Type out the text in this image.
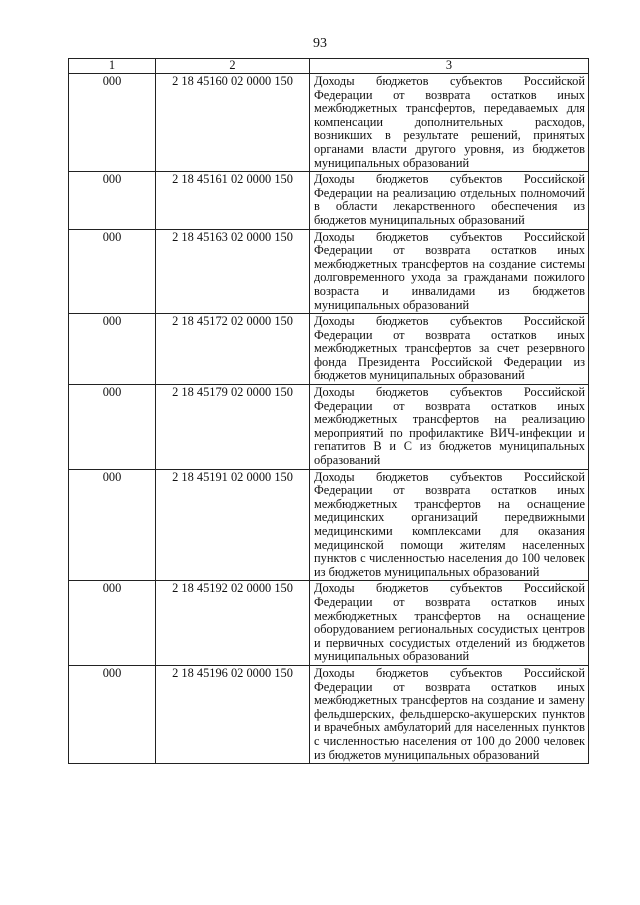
93
1	2	3
000	2 18 45160 02 0000 150	Доходы бюджетов субъектов Российской Федерации от возврата остатков иных межбюджетных трансфертов, передаваемых для компенсации дополнительных расходов, возникших в результате решений, принятых органами власти другого уровня, из бюджетов муниципальных образований
000	2 18 45161 02 0000 150	Доходы бюджетов субъектов Российской Федерации на реализацию отдельных полномочий в области лекарственного обеспечения из бюджетов муниципальных образований
000	2 18 45163 02 0000 150	Доходы бюджетов субъектов Российской Федерации от возврата остатков иных межбюджетных трансфертов на создание системы долговременного ухода за гражданами пожилого возраста и инвалидами из бюджетов муниципальных образований
000	2 18 45172 02 0000 150	Доходы бюджетов субъектов Российской Федерации от возврата остатков иных межбюджетных трансфертов за счет резервного фонда Президента Российской Федерации из бюджетов муниципальных образований
000	2 18 45179 02 0000 150	Доходы бюджетов субъектов Российской Федерации от возврата остатков иных межбюджетных трансфертов на реализацию мероприятий по профилактике ВИЧ-инфекции и гепатитов В и С из бюджетов муниципальных образований
000	2 18 45191 02 0000 150	Доходы бюджетов субъектов Российской Федерации от возврата остатков иных межбюджетных трансфертов на оснащение медицинских организаций передвижными медицинскими комплексами для оказания медицинской помощи жителям населенных пунктов с численностью населения до 100 человек из бюджетов муниципальных образований
000	2 18 45192 02 0000 150	Доходы бюджетов субъектов Российской Федерации от возврата остатков иных межбюджетных трансфертов на оснащение оборудованием региональных сосудистых центров и первичных сосудистых отделений из бюджетов муниципальных образований
000	2 18 45196 02 0000 150	Доходы бюджетов субъектов Российской Федерации от возврата остатков иных межбюджетных трансфертов на создание и замену фельдшерских, фельдшерско-акушерских пунктов и врачебных амбулаторий для населенных пунктов с численностью населения от 100 до 2000 человек из бюджетов муниципальных образований
